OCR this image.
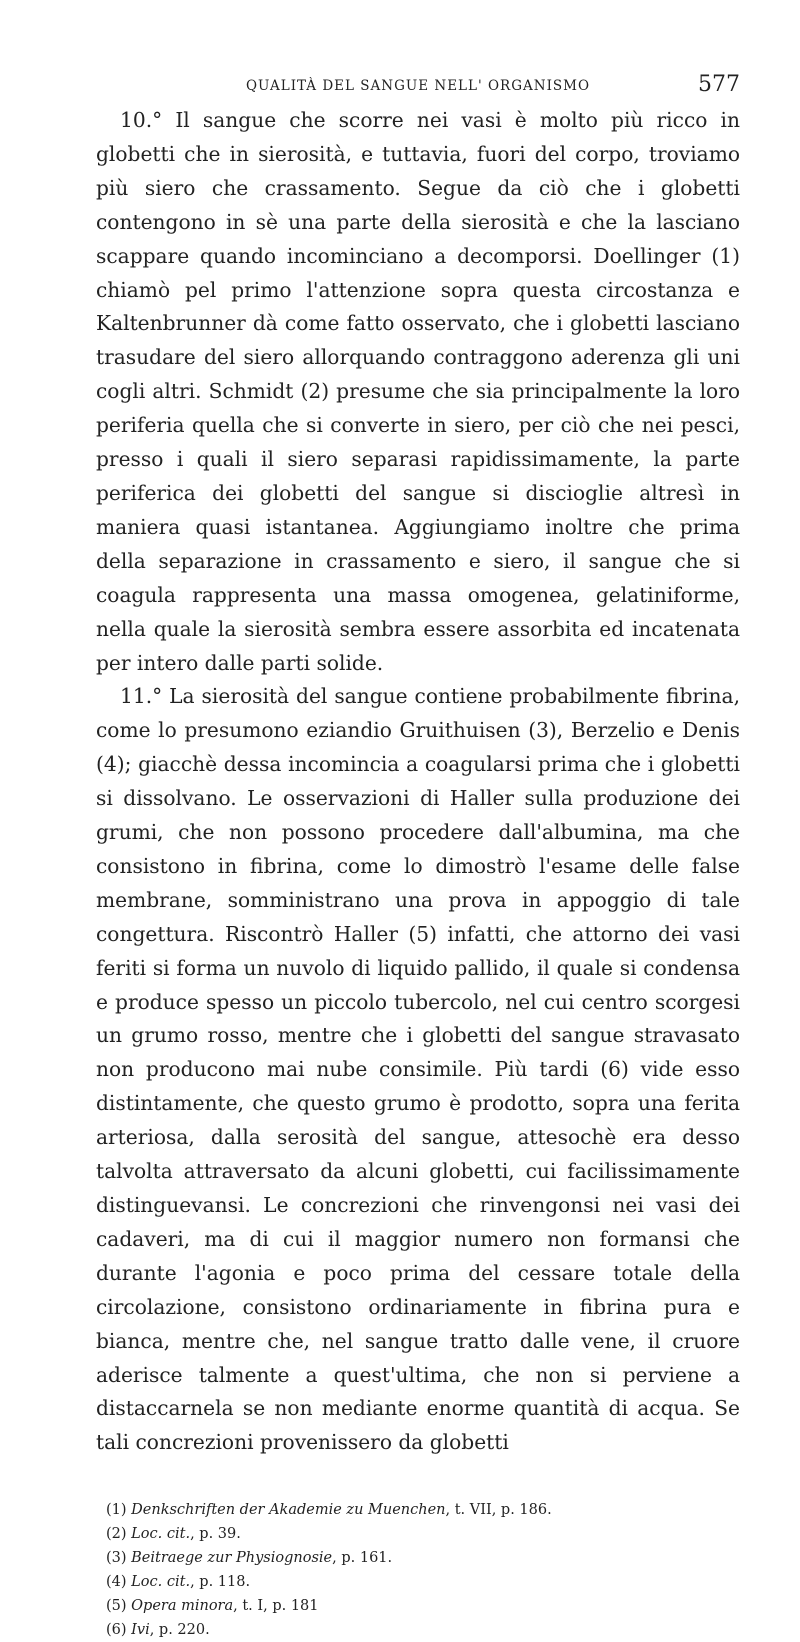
QUALITÀ DEL SANGUE NELL' ORGANISMO	577

10.° Il sangue che scorre nei vasi è molto più ricco in globetti che in sierosità, e tuttavia, fuori del corpo, troviamo più siero che crassamento. Segue da ciò che i globetti contengono in sè una parte della sierosità e che la lasciano scappare quando incominciano a decomporsi. Doellinger (1) chiamò pel primo l'attenzione sopra questa circostanza e Kaltenbrunner dà come fatto osservato, che i globetti lasciano trasudare del siero allorquando contraggono aderenza gli uni cogli altri. Schmidt (2) presume che sia principalmente la loro periferia quella che si converte in siero, per ciò che nei pesci, presso i quali il siero separasi rapidissimamente, la parte periferica dei globetti del sangue si discioglie altresì in maniera quasi istantanea. Aggiungiamo inoltre che prima della separazione in crassamento e siero, il sangue che si coagula rappresenta una massa omogenea, gelatiniforme, nella quale la sierosità sembra essere assorbita ed incatenata per intero dalle parti solide.

11.° La sierosità del sangue contiene probabilmente fibrina, come lo presumono eziandio Gruithuisen (3), Berzelio e Denis (4); giacchè dessa incomincia a coagularsi prima che i globetti si dissolvano. Le osservazioni di Haller sulla produzione dei grumi, che non possono procedere dall'albumina, ma che consistono in fibrina, come lo dimostrò l'esame delle false membrane, somministrano una prova in appoggio di tale congettura. Riscontrò Haller (5) infatti, che attorno dei vasi feriti si forma un nuvolo di liquido pallido, il quale si condensa e produce spesso un piccolo tubercolo, nel cui centro scorgesi un grumo rosso, mentre che i globetti del sangue stravasato non producono mai nube consimile. Più tardi (6) vide esso distintamente, che questo grumo è prodotto, sopra una ferita arteriosa, dalla serosità del sangue, attesochè era desso talvolta attraversato da alcuni globetti, cui facilissimamente distinguevansi. Le concrezioni che rinvengonsi nei vasi dei cadaveri, ma di cui il maggior numero non formansi che durante l'agonia e poco prima del cessare totale della circolazione, consistono ordinariamente in fibrina pura e bianca, mentre che, nel sangue tratto dalle vene, il cruore aderisce talmente a quest'ultima, che non si perviene a distaccarnela se non mediante enorme quantità di acqua. Se tali concrezioni provenissero da globetti

(1) Denkschriften der Akademie zu Muenchen, t. VII, p. 186.
(2) Loc. cit., p. 39.
(3) Beitraege zur Physiognosie, p. 161.
(4) Loc. cit., p. 118.
(5) Opera minora, t. I, p. 181
(6) Ivi, p. 220.
